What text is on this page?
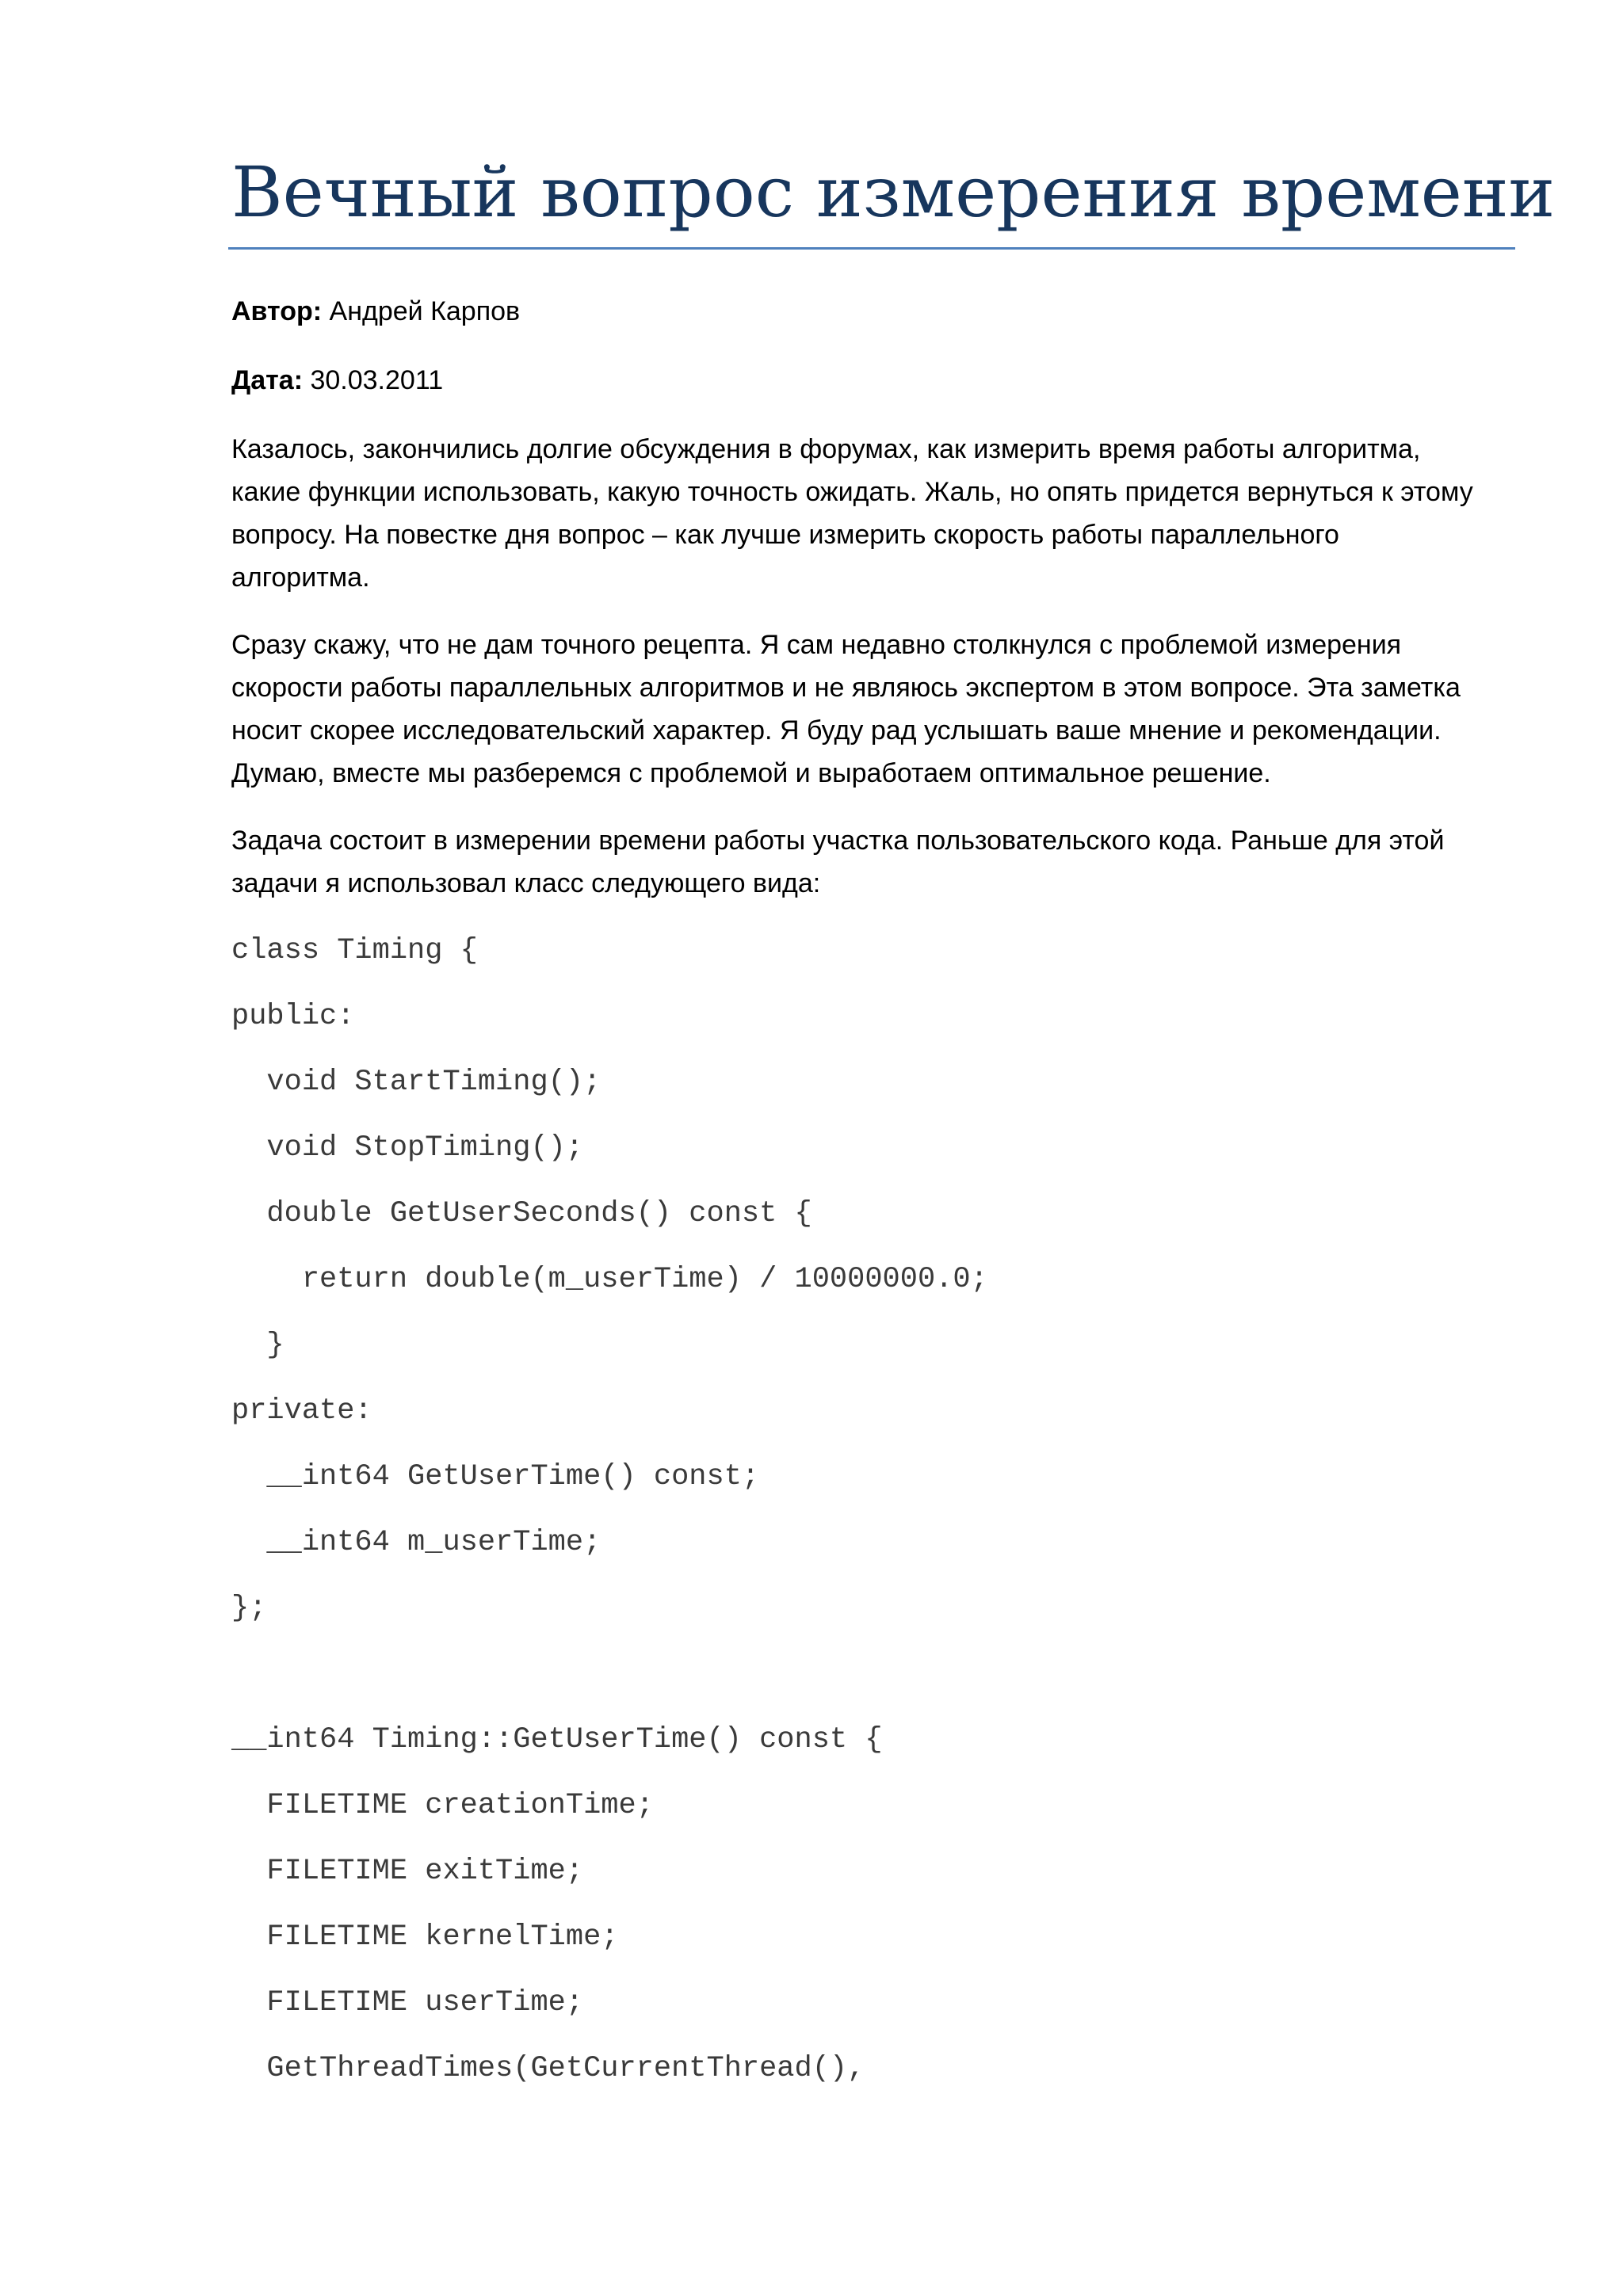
Вечный вопрос измерения времени

Автор: Андрей Карпов

Дата: 30.03.2011

Казалось, закончились долгие обсуждения в форумах, как измерить время работы алгоритма,
какие функции использовать, какую точность ожидать. Жаль, но опять придется вернуться к этому
вопросу. На повестке дня вопрос – как лучше измерить скорость работы параллельного
алгоритма.

Сразу скажу, что не дам точного рецепта. Я сам недавно столкнулся с проблемой измерения
скорости работы параллельных алгоритмов и не являюсь экспертом в этом вопросе. Эта заметка
носит скорее исследовательский характер. Я буду рад услышать ваше мнение и рекомендации.
Думаю, вместе мы разберемся с проблемой и выработаем оптимальное решение.

Задача состоит в измерении времени работы участка пользовательского кода. Раньше для этой
задачи я использовал класс следующего вида:

class Timing {
public:
void StartTiming();
void StopTiming();
double GetUserSeconds() const {
return double(m_userTime) / 10000000.0;
}
private:
__int64 GetUserTime() const;
__int64 m_userTime;
};
__int64 Timing::GetUserTime() const {
FILETIME creationTime;
FILETIME exitTime;
FILETIME kernelTime;
FILETIME userTime;
GetThreadTimes(GetCurrentThread(),
